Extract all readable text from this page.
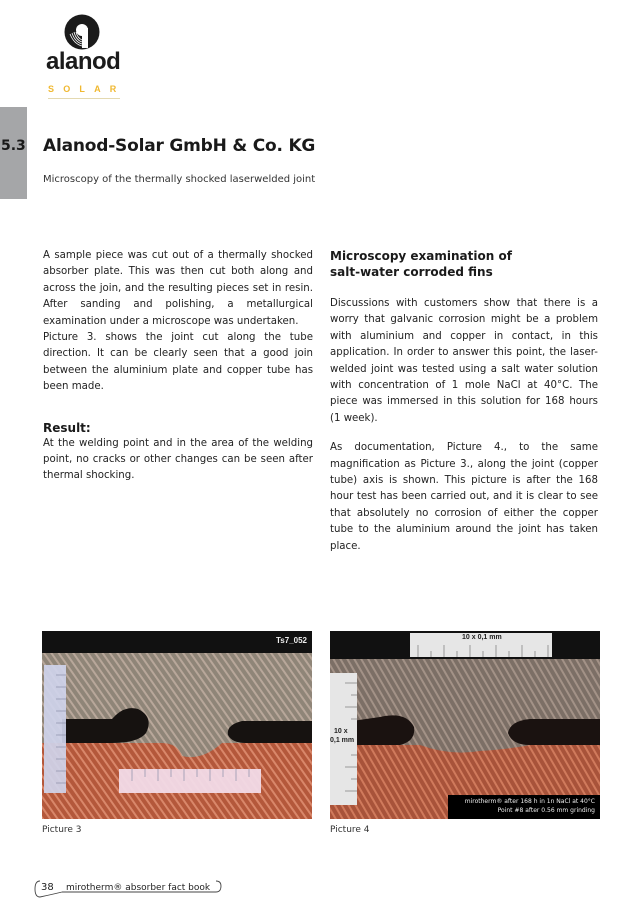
alanod
SOLAR
5.3 Alanod-Solar GmbH & Co. KG
Microscopy of the thermally shocked laserwelded joint

A sample piece was cut out of a thermally shocked absorber plate. This was then cut both along and across the join, and the resulting pieces set in resin. After sanding and polishing, a metallurgical examination under a microscope was undertaken.

Picture 3. shows the joint cut along the tube direction. It can be clearly seen that a good join between the aluminium plate and copper tube has been made.

Result:

At the welding point and in the area of the welding point, no cracks or other changes can be seen after thermal shocking.

Microscopy examination of

salt-water corroded fins

Discussions with customers show that there is a worry that galvanic corrosion might be a problem with aluminium and copper in contact, in this application. In order to answer this point, the laser-welded joint was tested using a salt water solution with concentration of 1 mole NaCl at 40°C. The piece was immersed in this solution for 168 hours (1 week).

As documentation, Picture 4., to the same magnification as Picture 3., along the joint (copper tube) axis is shown. This picture is after the 168 hour test has been carried out, and it is clear to see that absolutely no corrosion of either the copper tube to the aluminium around the joint has taken place.

Ts7_052
Picture 3
10 x 0,1 mm
10 x
0,1 mm
mirotherm® after 168 h in 1n NaCl at 40°C
Point #8 after 0.56 mm grinding
Picture 4
38 mirotherm® absorber fact book
